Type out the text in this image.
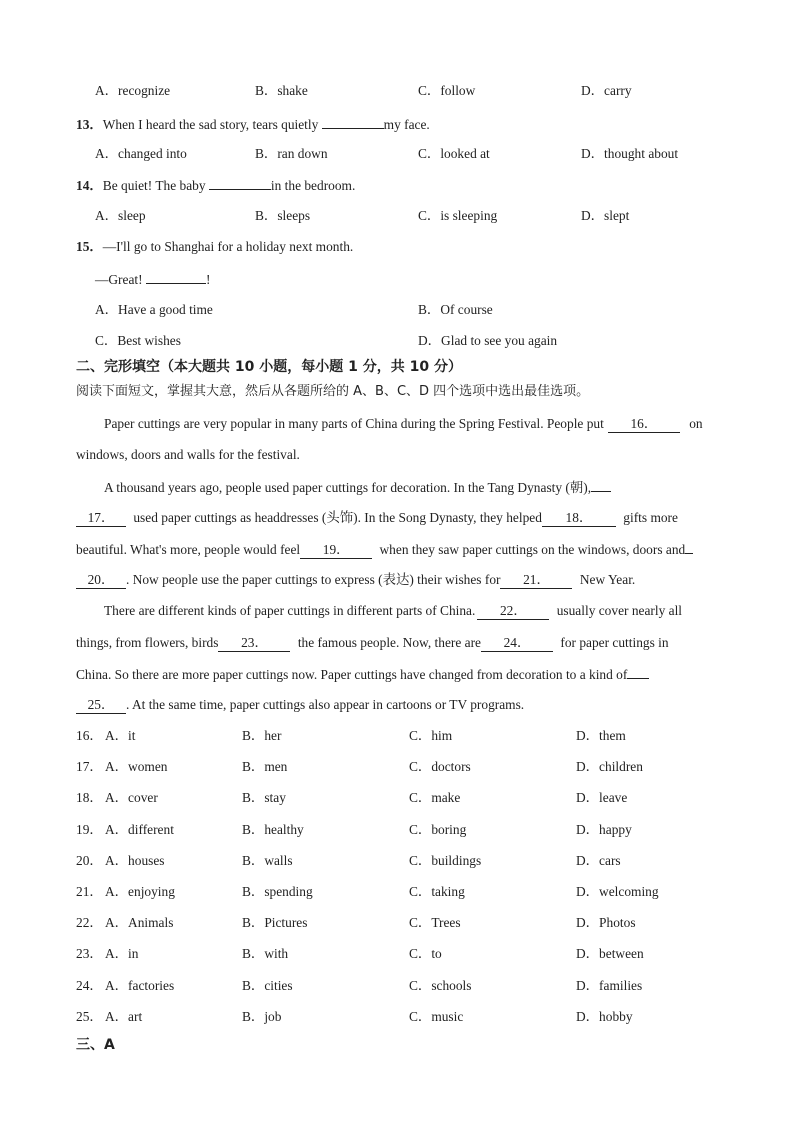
A．recognize	B．shake	C．follow	D．carry
13．When I heard the sad story, tears quietly	my face.
A．changed into	B．ran down	C．looked at	D．thought about
14．Be quiet! The baby	in the bedroom.
A．sleep	B．sleeps	C．is sleeping	D．slept
15．—I'll go to Shanghai for a holiday next month.
—Great!	!
A．Have a good time	B．Of course
C．Best wishes	D．Glad to see you again
二、完形填空（本大题共 10 小题，每小题 1 分，共 10 分）
阅读下面短文，掌握其大意，然后从各题所给的 A、B、C、D 四个选项中选出最佳选项。
Paper cuttings are very popular in many parts of China during the Spring Festival. People put 16． on
windows, doors and walls for the festival.
A thousand years ago, people used paper cuttings for decoration. In the Tang Dynasty (朝),
17． used paper cuttings as headdresses (头饰). In the Song Dynasty, they helped 18． gifts more
beautiful. What's more, people would feel 19． when they saw paper cuttings on the windows, doors and
20． . Now people use the paper cuttings to express (表达) their wishes for 21． New Year.
There are different kinds of paper cuttings in different parts of China. 22． usually cover nearly all
things, from flowers, birds 23． the famous people. Now, there are 24． for paper cuttings in
China. So there are more paper cuttings now. Paper cuttings have changed from decoration to a kind of
25． . At the same time, paper cuttings also appear in cartoons or TV programs.
16． A．it	B．her	C．him	D．them
17． A．women	B．men	C．doctors	D．children
18． A．cover	B．stay	C．make	D．leave
19． A．different	B．healthy	C．boring	D．happy
20． A．houses	B．walls	C．buildings	D．cars
21． A．enjoying	B．spending	C．taking	D．welcoming
22． A．Animals	B．Pictures	C．Trees	D．Photos
23． A．in	B．with	C．to	D．between
24． A．factories	B．cities	C．schools	D．families
25． A．art	B．job	C．music	D．hobby
三、A
